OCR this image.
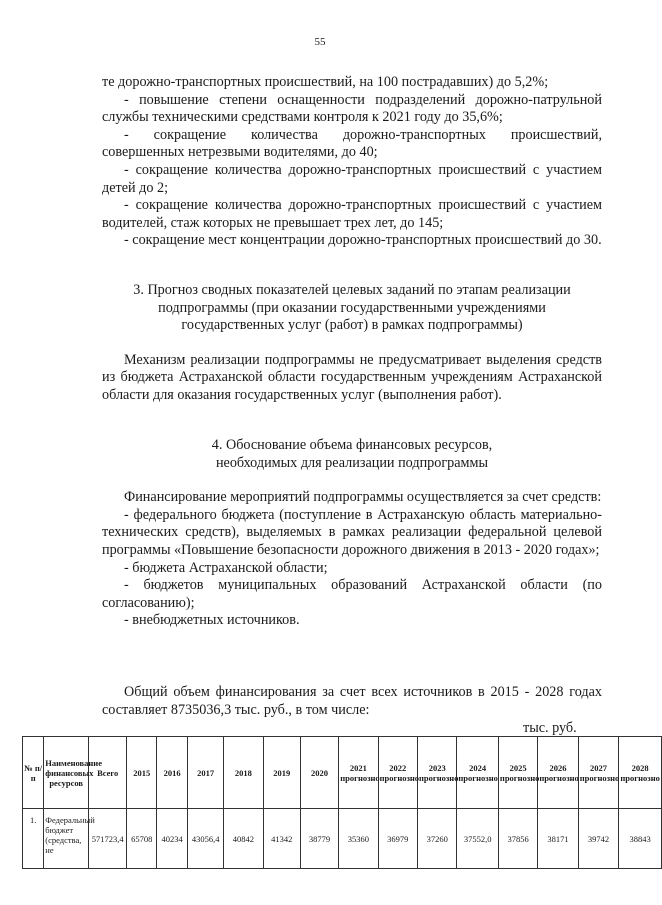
55

те дорожно-транспортных происшествий, на 100 пострадавших) до 5,2%;

- повышение степени оснащенности подразделений дорожно-патрульной службы техническими средствами контроля к 2021 году до 35,6%;

- сокращение количества дорожно-транспортных происшествий, совершенных нетрезвыми водителями, до 40;

- сокращение количества дорожно-транспортных происшествий с участием детей до 2;

- сокращение количества дорожно-транспортных происшествий с участием водителей, стаж которых не превышает трех лет, до 145;

- сокращение мест концентрации дорожно-транспортных происшествий до 30.

3. Прогноз сводных показателей целевых заданий по этапам реализации подпрограммы (при оказании государственными учреждениями государственных услуг (работ) в рамках подпрограммы)

Механизм реализации подпрограммы не предусматривает выделения средств из бюджета Астраханской области государственным учреждениям Астраханской области для оказания государственных услуг (выполнения работ).

4. Обоснование объема финансовых ресурсов,

необходимых для реализации подпрограммы

Финансирование мероприятий подпрограммы осуществляется за счет средств:

- федерального бюджета (поступление в Астраханскую область материально-технических средств), выделяемых в рамках реализации федеральной целевой программы «Повышение безопасности дорожного движения в 2013 - 2020 годах»;

- бюджета Астраханской области;

- бюджетов муниципальных образований Астраханской области (по согласованию);

- внебюджетных источников.

Общий объем финансирования за счет всех источников в 2015 - 2028 годах составляет 8735036,3 тыс. руб., в том числе:

тыс. руб.
№ п/п	Наименование финансовых ресурсов	Всего	2015	2016	2017	2018	2019	2020	2021 прогнозно	2022 прогнозно	2023 прогнозно	2024 прогнозно	2025 прогнозно	2026 прогнозно	2027 прогнозно	2028 прогнозно
1.	Федеральный бюджет (средства, не	571723,4	65708	40234	43056,4	40842	41342	38779	35360	36979	37260	37552,0	37856	38171	39742	38843
